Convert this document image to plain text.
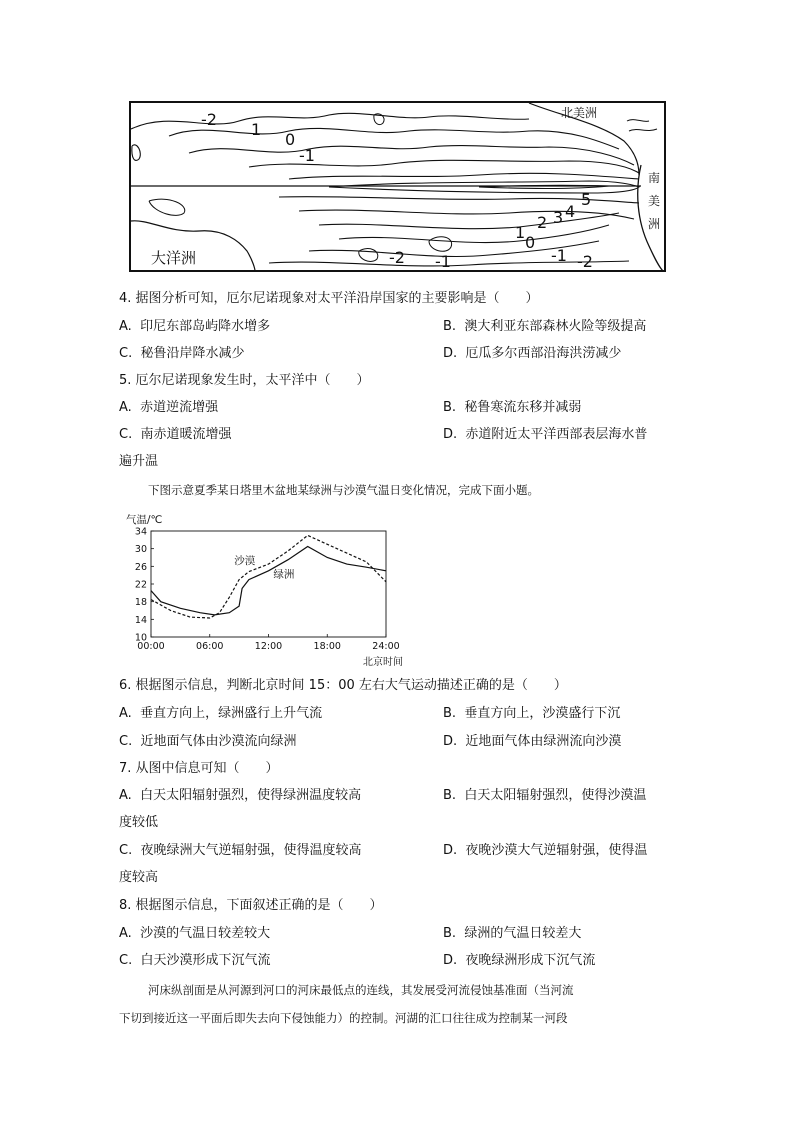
北美洲
南
美
洲
大洋洲
-2
1
0
-1
5
4
3
2
1
0
-2 -1	-1 -2
4. 据图分析可知，厄尔尼诺现象对太平洋沿岸国家的主要影响是（　　）
A. 印尼东部岛屿降水增多	B. 澳大利亚东部森林火险等级提高
C. 秘鲁沿岸降水减少	D. 厄瓜多尔西部沿海洪涝减少
5. 厄尔尼诺现象发生时，太平洋中（　　）
A. 赤道逆流增强	B. 秘鲁寒流东移并减弱
C. 南赤道暖流增强	D. 赤道附近太平洋西部表层海水普
遍升温
下图示意夏季某日塔里木盆地某绿洲与沙漠气温日变化情况，完成下面小题。
气温/℃
北京时间
34
30
26
22
18
14
10
00:00	06:00	12:00	18:00	24:00
沙漠
绿洲
6. 根据图示信息，判断北京时间 15：00 左右大气运动描述正确的是（　　）
A. 垂直方向上，绿洲盛行上升气流	B. 垂直方向上，沙漠盛行下沉
C. 近地面气体由沙漠流向绿洲	D. 近地面气体由绿洲流向沙漠
7. 从图中信息可知（　　）
A. 白天太阳辐射强烈，使得绿洲温度较高	B. 白天太阳辐射强烈，使得沙漠温
度较低
C. 夜晚绿洲大气逆辐射强，使得温度较高	D. 夜晚沙漠大气逆辐射强，使得温
度较高
8. 根据图示信息，下面叙述正确的是（　　）
A. 沙漠的气温日较差较大	B. 绿洲的气温日较差大
C. 白天沙漠形成下沉气流	D. 夜晚绿洲形成下沉气流
河床纵剖面是从河源到河口的河床最低点的连线，其发展受河流侵蚀基准面（当河流
下切到接近这一平面后即失去向下侵蚀能力）的控制。河湖的汇口往往成为控制某一河段
